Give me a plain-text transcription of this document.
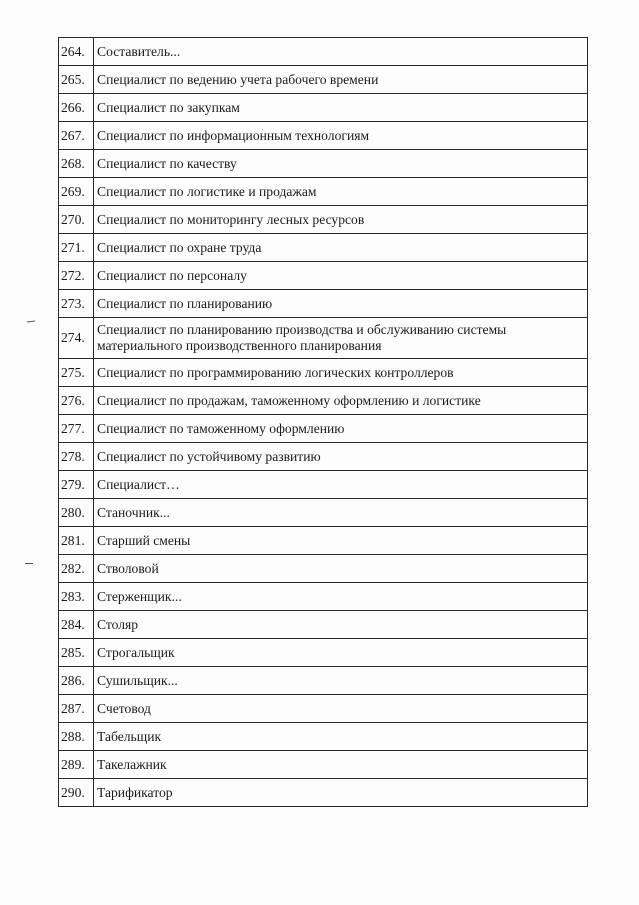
264.	Составитель...
265.	Специалист по ведению учета рабочего времени
266.	Специалист по закупкам
267.	Специалист по информационным технологиям
268.	Специалист по качеству
269.	Специалист по логистике и продажам
270.	Специалист по мониторингу лесных ресурсов
271.	Специалист по охране труда
272.	Специалист по персоналу
273.	Специалист по планированию
274.	Специалист по планированию производства и обслуживанию системы материального производственного планирования
275.	Специалист по программированию логических контроллеров
276.	Специалист по продажам, таможенному оформлению и логистике
277.	Специалист по таможенному оформлению
278.	Специалист по устойчивому развитию
279.	Специалист…
280.	Станочник...
281.	Старший смены
282.	Стволовой
283.	Стерженщик...
284.	Столяр
285.	Строгальщик
286.	Сушильщик...
287.	Счетовод
288.	Табельщик
289.	Такелажник
290.	Тарификатор
